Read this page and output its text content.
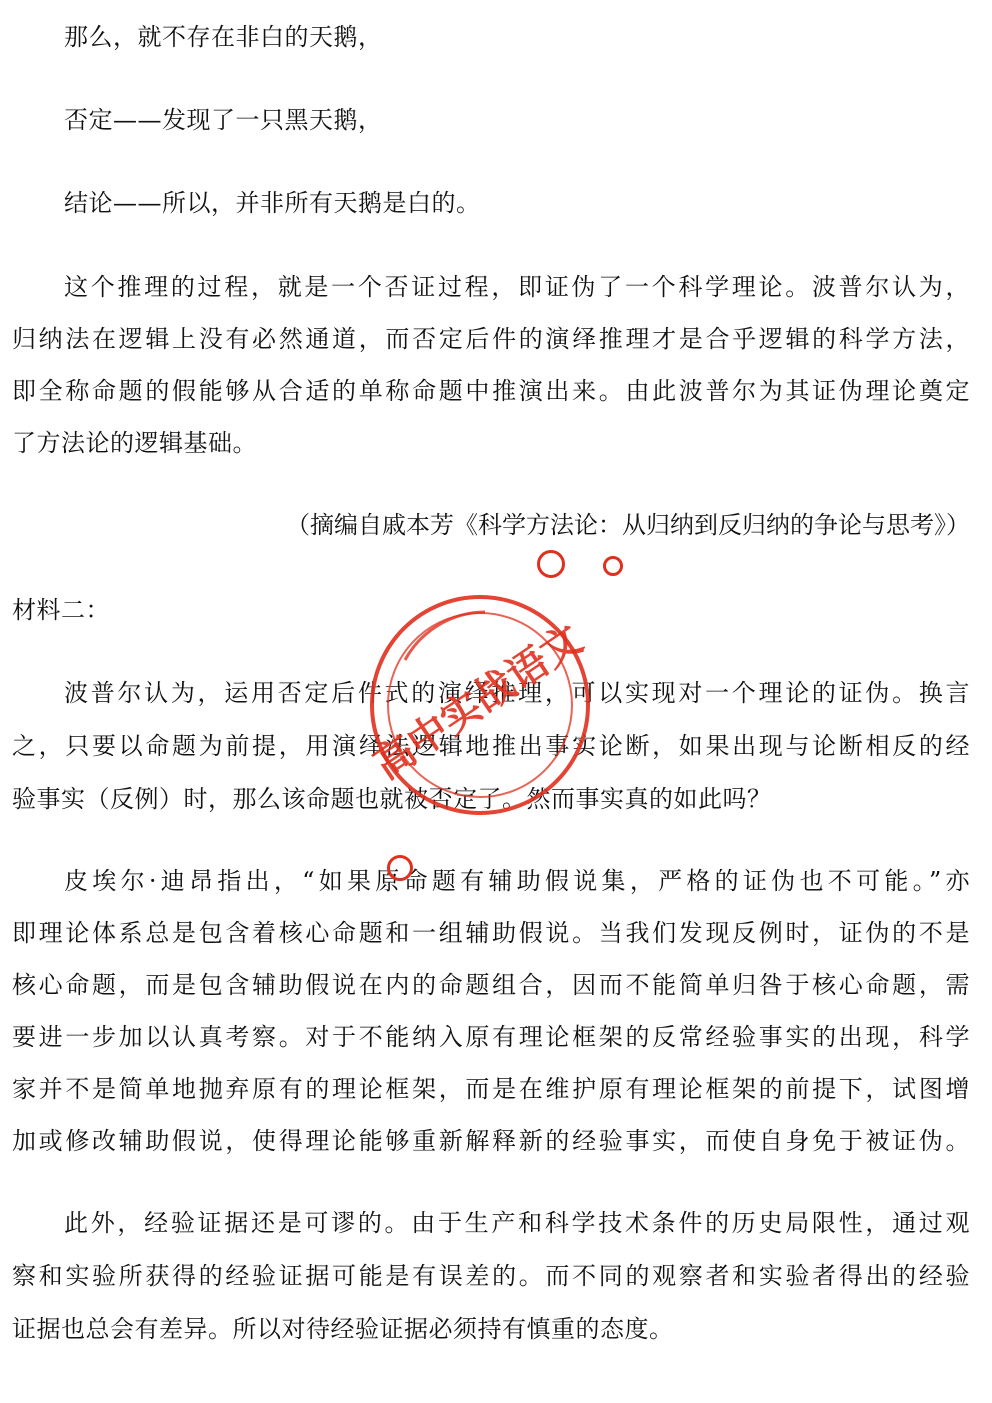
那么，就不存在非白的天鹅，
否定——发现了一只黑天鹅，
结论——所以，并非所有天鹅是白的。
这个推理的过程，就是一个否证过程，即证伪了一个科学理论。波普尔认为，
归纳法在逻辑上没有必然通道，而否定后件的演绎推理才是合乎逻辑的科学方法，
即全称命题的假能够从合适的单称命题中推演出来。由此波普尔为其证伪理论奠定
了方法论的逻辑基础。
（摘编自戚本芳《科学方法论：从归纳到反归纳的争论与思考》）
材料二：
波普尔认为，运用否定后件式的演绎推理，可以实现对一个理论的证伪。换言
之，只要以命题为前提，用演绎法逻辑地推出事实论断，如果出现与论断相反的经
验事实（反例）时，那么该命题也就被否定了。然而事实真的如此吗？
皮埃尔·迪昂指出，“如果原命题有辅助假说集，严格的证伪也不可能。”亦
即理论体系总是包含着核心命题和一组辅助假说。当我们发现反例时，证伪的不是
核心命题，而是包含辅助假说在内的命题组合，因而不能简单归咎于核心命题，需
要进一步加以认真考察。对于不能纳入原有理论框架的反常经验事实的出现，科学
家并不是简单地抛弃原有的理论框架，而是在维护原有理论框架的前提下，试图增
加或修改辅助假说，使得理论能够重新解释新的经验事实，而使自身免于被证伪。
此外，经验证据还是可谬的。由于生产和科学技术条件的历史局限性，通过观
察和实验所获得的经验证据可能是有误差的。而不同的观察者和实验者得出的经验
证据也总会有差异。所以对待经验证据必须持有慎重的态度。
高中实战语文
